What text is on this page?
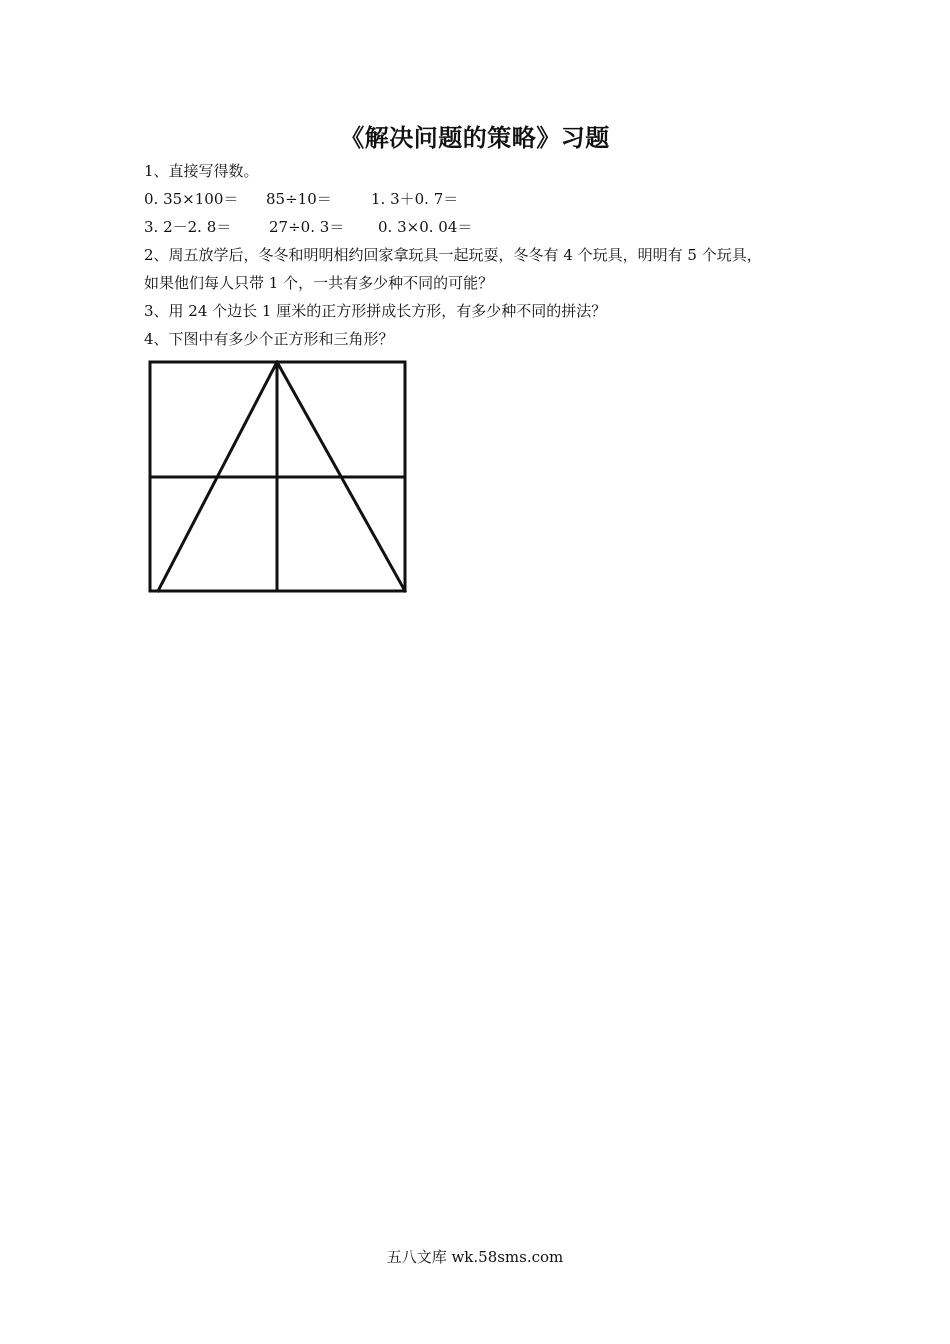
《解决问题的策略》习题
1、直接写得数。
0. 35×100＝ 85÷10＝	1. 3＋0. 7＝
3. 2－2. 8＝	27÷0. 3＝ 0. 3×0. 04＝
2、周五放学后，冬冬和明明相约回家拿玩具一起玩耍，冬冬有 4 个玩具，明明有 5 个玩具，
如果他们每人只带 1 个，一共有多少种不同的可能？
3、用 24 个边长 1 厘米的正方形拼成长方形，有多少种不同的拼法？
4、下图中有多少个正方形和三角形？
五八文库 wk.58sms.com
